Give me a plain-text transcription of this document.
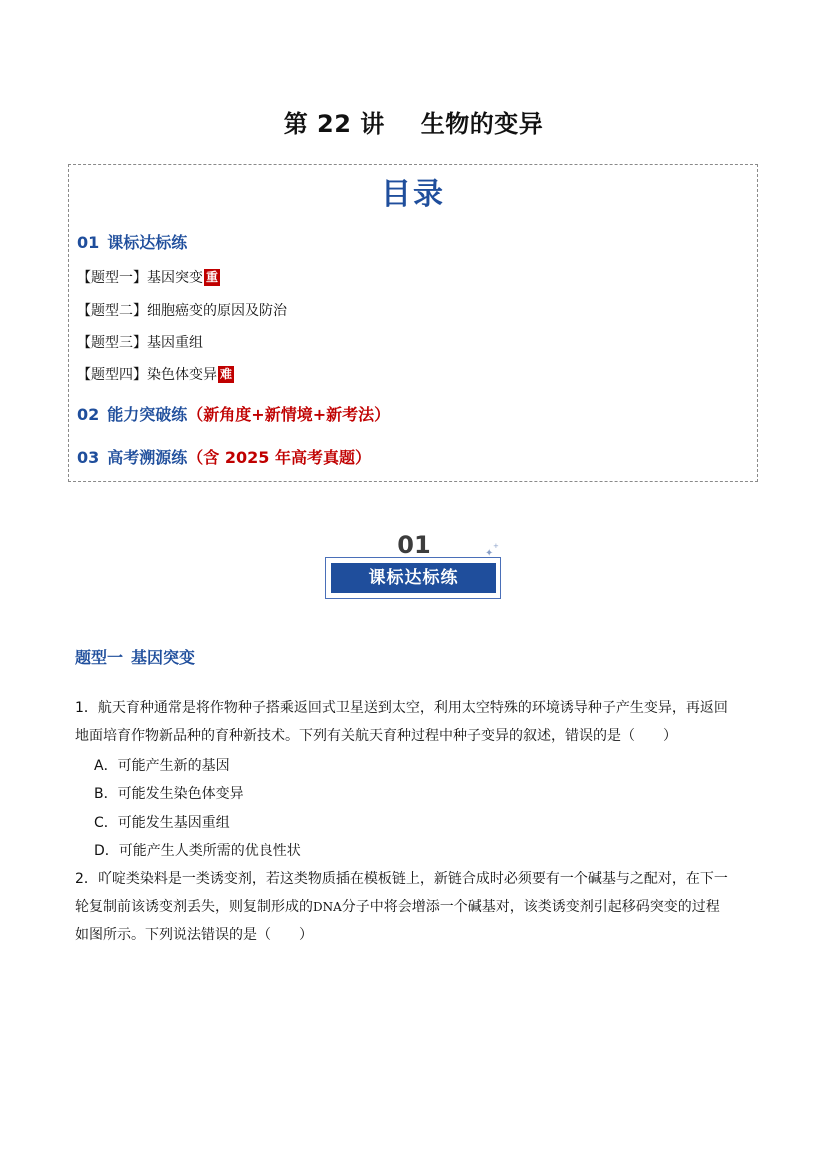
第 22 讲 生物的变异
目录
01 课标达标练
【题型一】基因突变 重
【题型二】细胞癌变的原因及防治
【题型三】基因重组
【题型四】染色体变异 难
02 能力突破练（新角度+新情境+新考法）
03 高考溯源练（含 2025 年高考真题）
01
课标达标练
✦
+
题型一 基因突变
1．航天育种通常是将作物种子搭乘返回式卫星送到太空，利用太空特殊的环境诱导种子产生变异，再返回
地面培育作物新品种的育种新技术。下列有关航天育种过程中种子变异的叙述，错误的是（　　）
A．可能产生新的基因
B．可能发生染色体变异
C．可能发生基因重组
D．可能产生人类所需的优良性状
2．吖啶类染料是一类诱变剂，若这类物质插在模板链上，新链合成时必须要有一个碱基与之配对，在下一
轮复制前该诱变剂丢失，则复制形成的DNA分子中将会增添一个碱基对，该类诱变剂引起移码突变的过程
如图所示。下列说法错误的是（　　）
